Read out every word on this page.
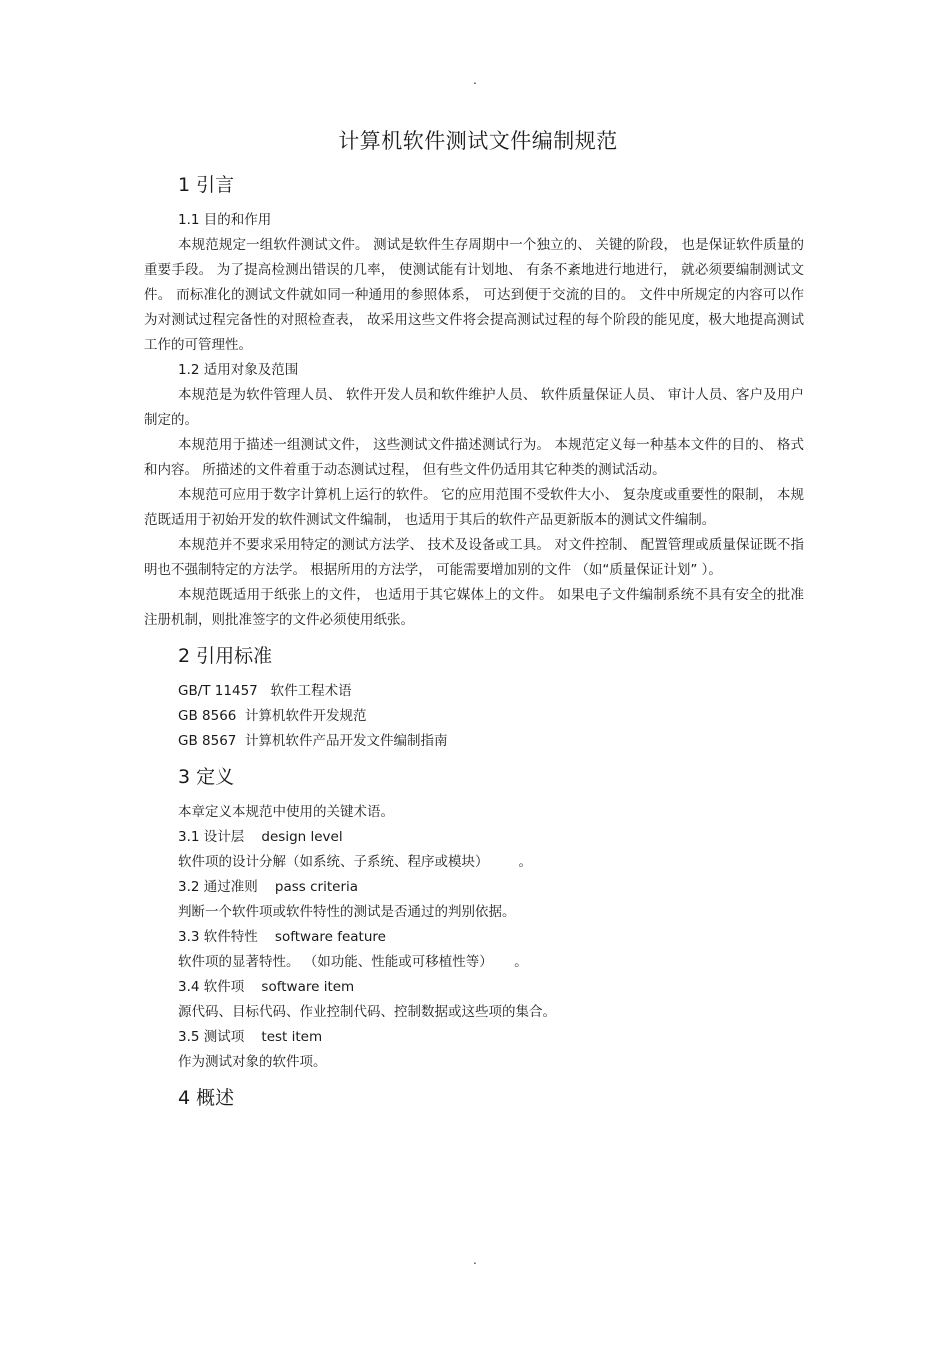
.
计算机软件测试文件编制规范
1 引言
1.1 目的和作用

本规范规定一组软件测试文件。 测试是软件生存周期中一个独立的、 关键的阶段， 也是保证软件质量的重要手段。 为了提高检测出错误的几率， 使测试能有计划地、 有条不紊地进行地进行， 就必须要编制测试文件。 而标准化的测试文件就如同一种通用的参照体系， 可达到便于交流的目的。 文件中所规定的内容可以作为对测试过程完备性的对照检查表， 故采用这些文件将会提高测试过程的每个阶段的能见度，极大地提高测试工作的可管理性。

1.2 适用对象及范围

本规范是为软件管理人员、 软件开发人员和软件维护人员、 软件质量保证人员、 审计人员、客户及用户制定的。

本规范用于描述一组测试文件， 这些测试文件描述测试行为。 本规范定义每一种基本文件的目的、 格式和内容。 所描述的文件着重于动态测试过程， 但有些文件仍适用其它种类的测试活动。

本规范可应用于数字计算机上运行的软件。 它的应用范围不受软件大小、 复杂度或重要性的限制， 本规范既适用于初始开发的软件测试文件编制， 也适用于其后的软件产品更新版本的测试文件编制。

本规范并不要求采用特定的测试方法学、 技术及设备或工具。 对文件控制、 配置管理或质量保证既不指明也不强制特定的方法学。 根据所用的方法学， 可能需要增加别的文件 （如“质量保证计划” ）。

本规范既适用于纸张上的文件， 也适用于其它媒体上的文件。 如果电子文件编制系统不具有安全的批准注册机制，则批准签字的文件必须使用纸张。

2 引用标准
GB/T 11457   软件工程术语
GB 8566  计算机软件开发规范
GB 8567  计算机软件产品开发文件编制指南
3 定义
本章定义本规范中使用的关键术语。
3.1 设计层    design level
软件项的设计分解（如系统、子系统、程序或模块）       。
3.2 通过准则    pass criteria
判断一个软件项或软件特性的测试是否通过的判别依据。
3.3 软件特性    software feature
软件项的显著特性。 （如功能、性能或可移植性等）     。
3.4 软件项    software item
源代码、目标代码、作业控制代码、控制数据或这些项的集合。
3.5 测试项    test item
作为测试对象的软件项。
4 概述
.
